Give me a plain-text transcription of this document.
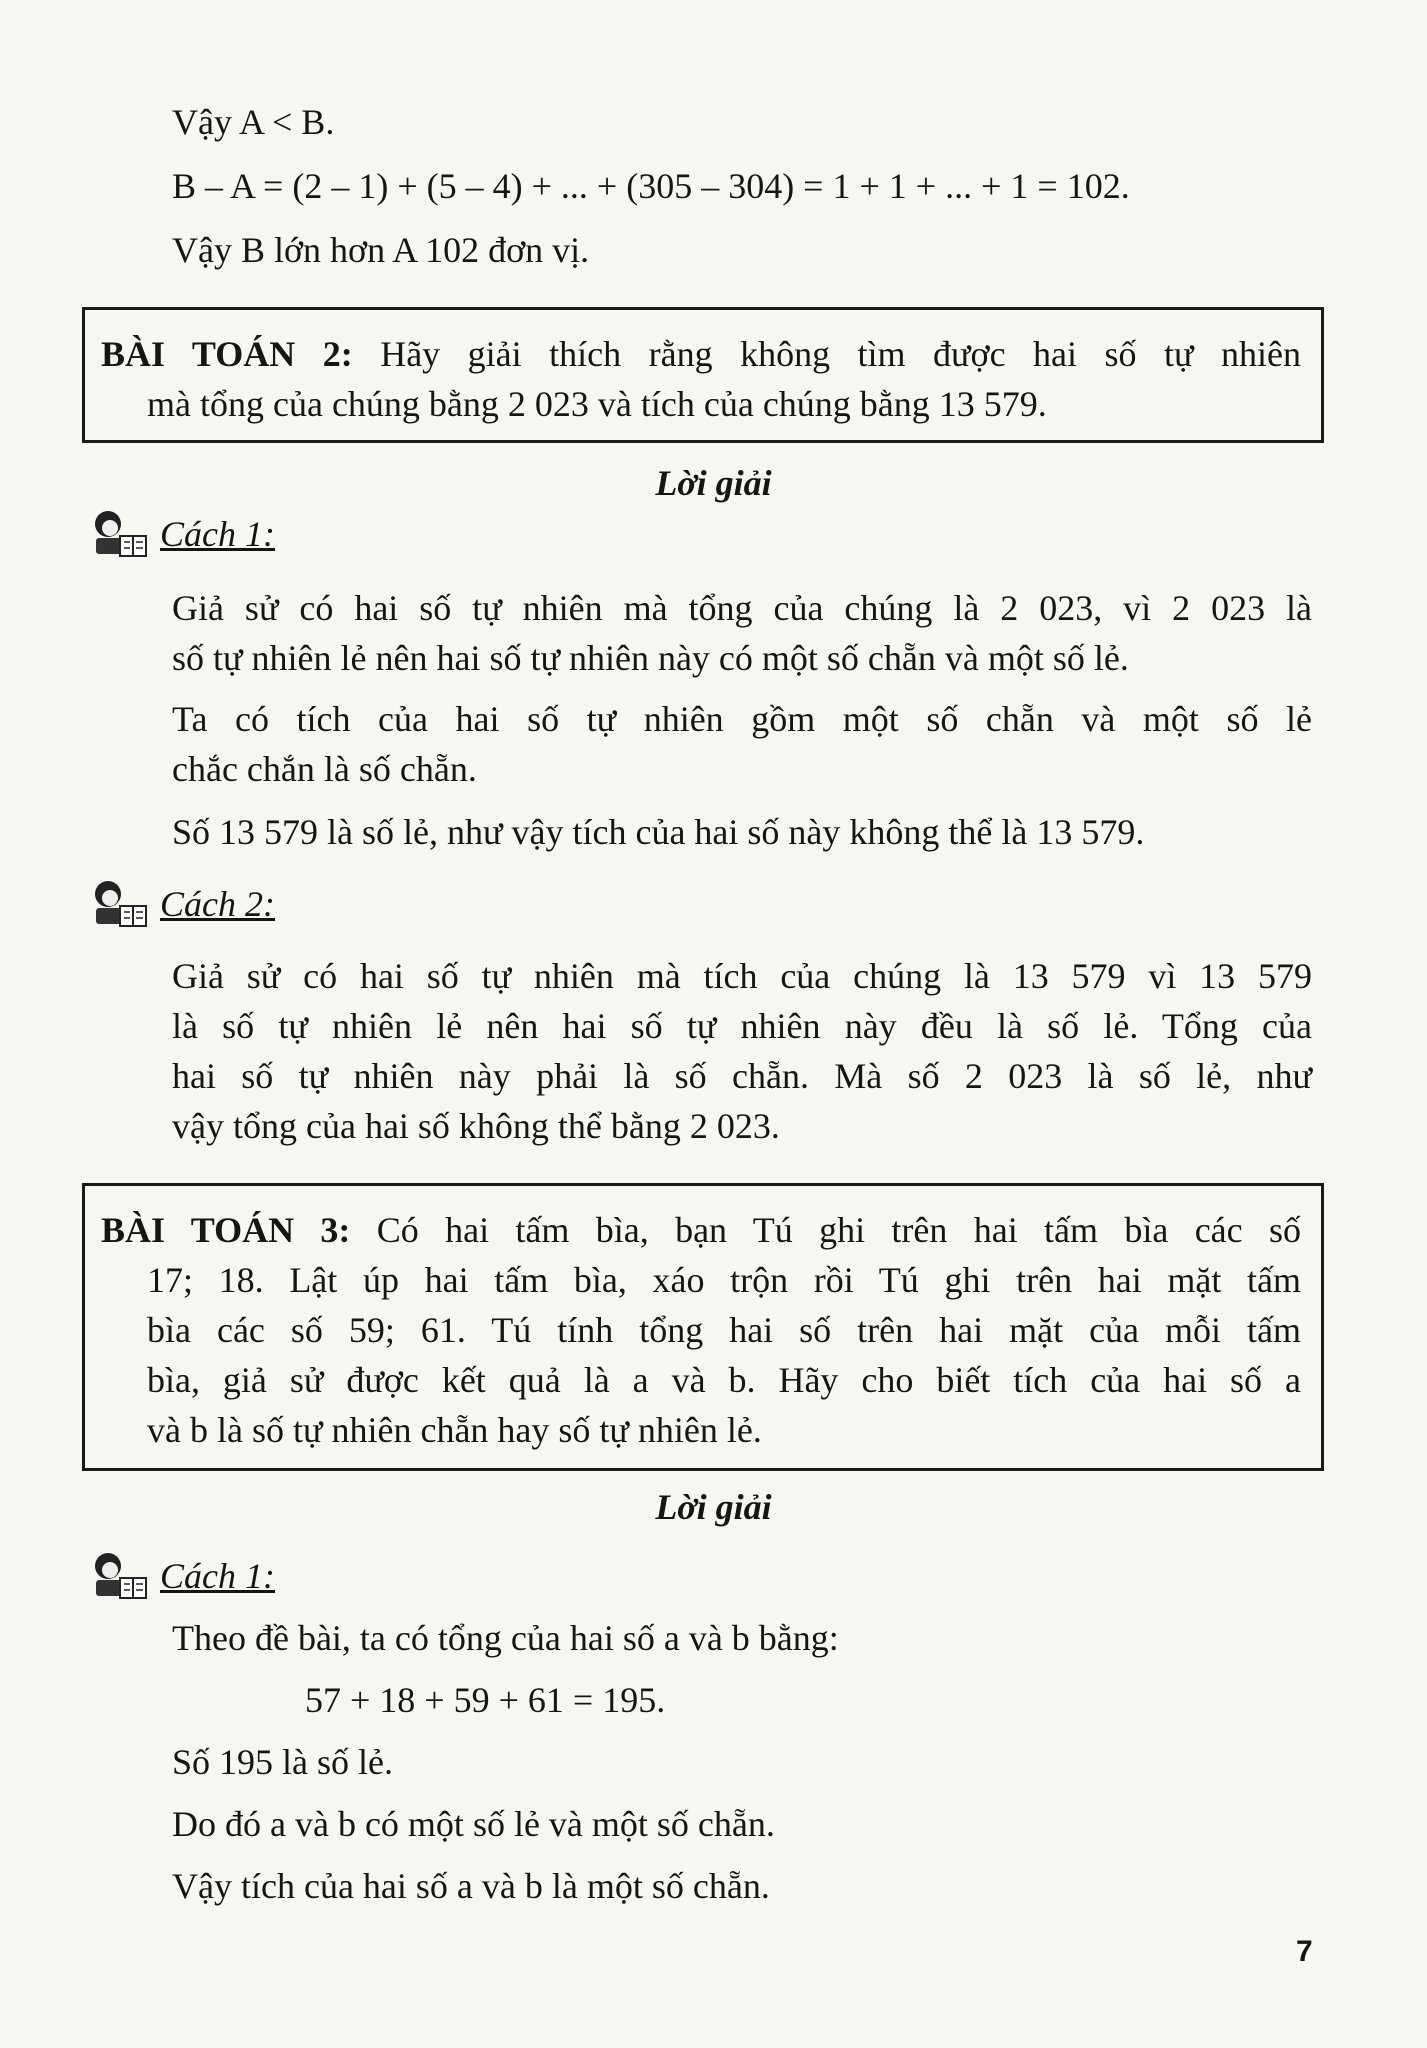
Vậy A < B.
B – A = (2 – 1) + (5 – 4) + ... + (305 – 304) = 1 + 1 + ... + 1 = 102.
Vậy B lớn hơn A 102 đơn vị.
BÀI TOÁN 2: Hãy giải thích rằng không tìm được hai số tự nhiên
mà tổng của chúng bằng 2 023 và tích của chúng bằng 13 579.
Lời giải
Cách 1:
Giả sử có hai số tự nhiên mà tổng của chúng là 2 023, vì 2 023 là
số tự nhiên lẻ nên hai số tự nhiên này có một số chẵn và một số lẻ.
Ta có tích của hai số tự nhiên gồm một số chẵn và một số lẻ
chắc chắn là số chẵn.
Số 13 579 là số lẻ, như vậy tích của hai số này không thể là 13 579.
Cách 2:
Giả sử có hai số tự nhiên mà tích của chúng là 13 579 vì 13 579
là số tự nhiên lẻ nên hai số tự nhiên này đều là số lẻ. Tổng của
hai số tự nhiên này phải là số chẵn. Mà số 2 023 là số lẻ, như
vậy tổng của hai số không thể bằng 2 023.
BÀI TOÁN 3: Có hai tấm bìa, bạn Tú ghi trên hai tấm bìa các số
17; 18. Lật úp hai tấm bìa, xáo trộn rồi Tú ghi trên hai mặt tấm
bìa các số 59; 61. Tú tính tổng hai số trên hai mặt của mỗi tấm
bìa, giả sử được kết quả là a và b. Hãy cho biết tích của hai số a
và b là số tự nhiên chẵn hay số tự nhiên lẻ.
Lời giải
Cách 1:
Theo đề bài, ta có tổng của hai số a và b bằng:
57 + 18 + 59 + 61 = 195.
Số 195 là số lẻ.
Do đó a và b có một số lẻ và một số chẵn.
Vậy tích của hai số a và b là một số chẵn.
7
